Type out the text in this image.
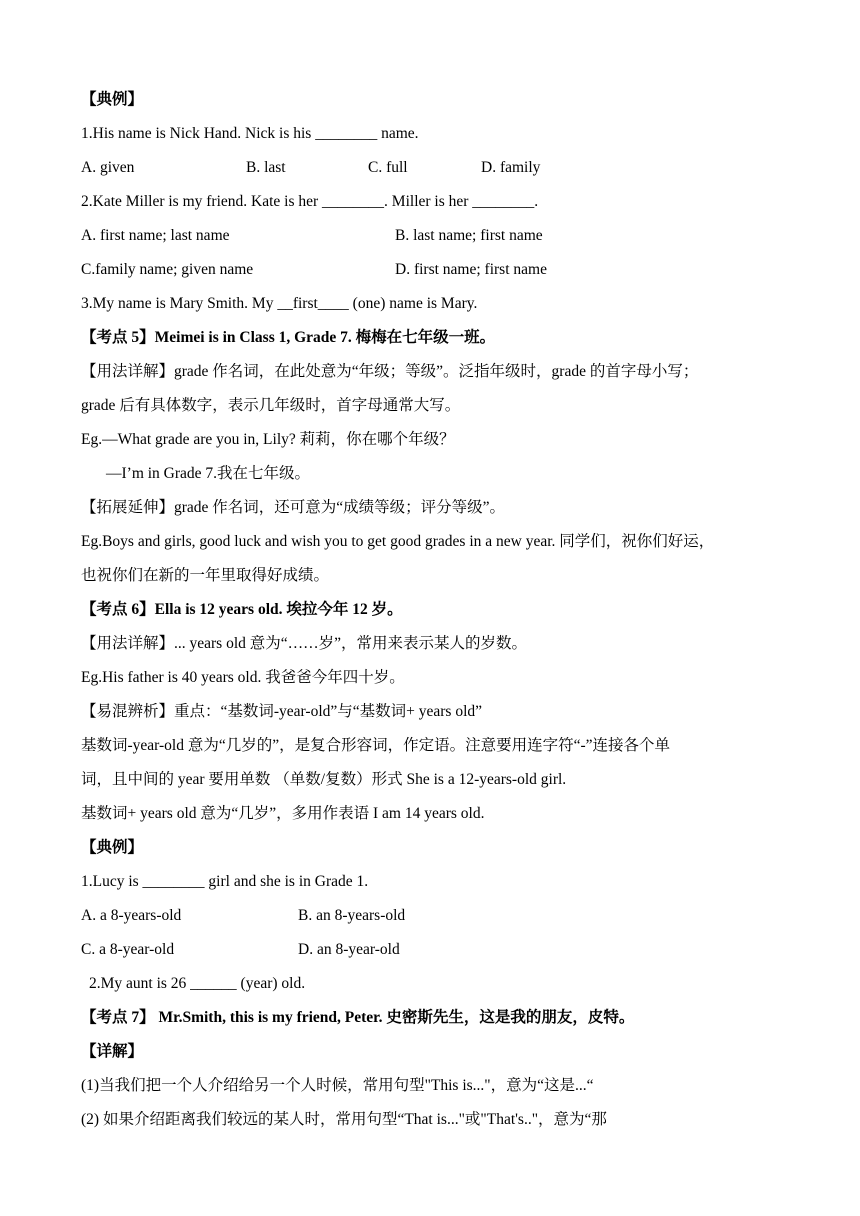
【典例】
1.His name is Nick Hand. Nick is his ________ name.
A. given	B. last	C. full	D. family
2.Kate Miller is my friend. Kate is her ________. Miller is her ________.
A. first name; last name	B. last name; first name
C.family name; given name	D. first name; first name
3.My name is Mary Smith. My __first____ (one) name is Mary.
【考点 5】Meimei is in Class 1, Grade 7. 梅梅在七年级一班。
【用法详解】grade 作名词，在此处意为“年级；等级”。泛指年级时，grade 的首字母小写；
grade 后有具体数字，表示几年级时，首字母通常大写。
Eg.—What grade are you in, Lily? 莉莉，你在哪个年级？
—I’m in Grade 7.我在七年级。
【拓展延伸】grade 作名词，还可意为“成绩等级；评分等级”。
Eg.Boys and girls, good luck and wish you to get good grades in a new year. 同学们，祝你们好运，
也祝你们在新的一年里取得好成绩。
【考点 6】Ella is 12 years old. 埃拉今年 12 岁。
【用法详解】... years old 意为“……岁”，常用来表示某人的岁数。
Eg.His father is 40 years old. 我爸爸今年四十岁。
【易混辨析】重点：“基数词-year-old”与“基数词+ years old”
基数词-year-old 意为“几岁的”，是复合形容词，作定语。注意要用连字符“-”连接各个单
词，且中间的 year 要用单数 （单数/复数）形式 She is a 12-years-old girl.
基数词+ years old 意为“几岁”，多用作表语 I am 14 years old.
【典例】
1.Lucy is ________ girl and she is in Grade 1.
A. a 8-years-old	B. an 8-years-old
C. a 8-year-old	D. an 8-year-old
2.My aunt is 26 ______ (year) old.
【考点 7】 Mr.Smith, this is my friend, Peter. 史密斯先生，这是我的朋友，皮特。
【详解】
(1)当我们把一个人介绍给另一个人时候，常用句型"This is..."，意为“这是...“
(2) 如果介绍距离我们较远的某人时，常用句型“That is..."或"That's.."，意为“那
